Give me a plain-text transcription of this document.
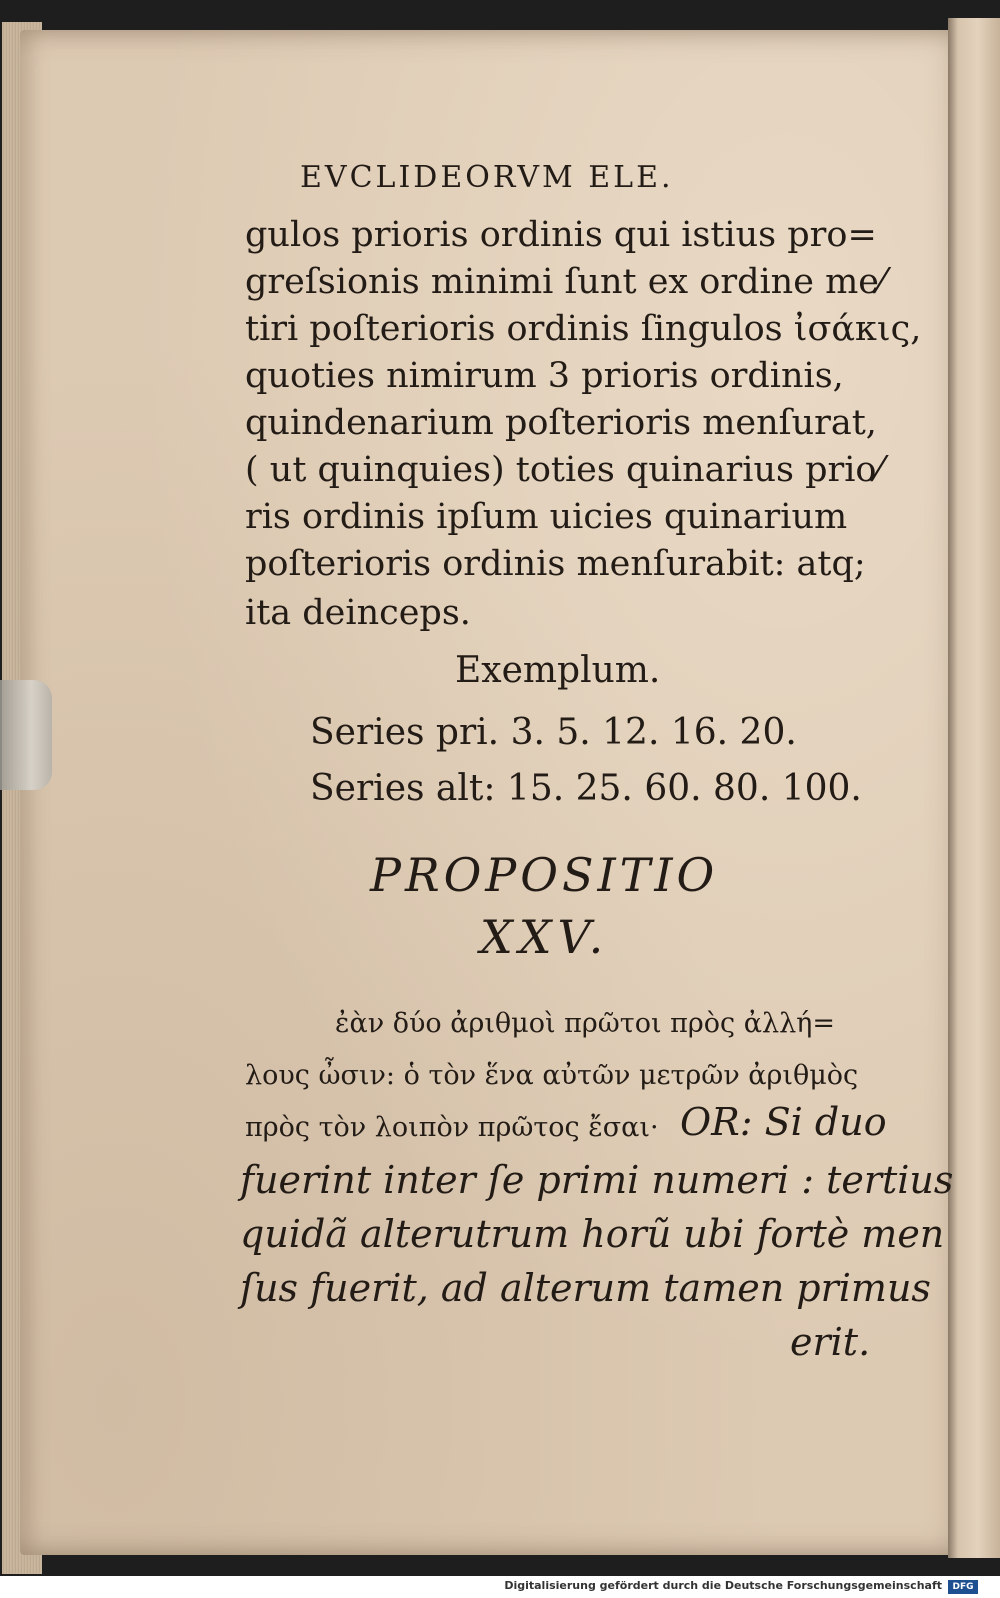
EVCLIDEORVM ELE.
gulos prioris ordinis qui istius pro=
greſsionis minimi ſunt ex ordine me⁄
tiri poſterioris ordinis ſingulos ἰσάκις,
quoties nimirum 3 prioris ordinis,
quindenarium poſterioris menſurat,
( ut quinquies) toties quinarius prio⁄
ris ordinis ipſum uicies quinarium
poſterioris ordinis menſurabit: atq;
ita deinceps.
Exemplum.
Series pri. 3. 5. 12. 16. 20.
Series alt: 15. 25. 60. 80. 100.
PROPOSITIO
XXV.
ἐὰν δύο ἀριθμοὶ πρῶτοι πρὸς ἀλλή=
λους ὦσιν: ὁ τὸν ἕνα αὐτῶν μετρῶν ἀριθμὸς
πρὸς τὸν λοιπὸν πρῶτος ἔσαι· OR: Si duo
fuerint inter ſe primi numeri : tertius
quidã alterutrum horũ ubi fortè men
ſus fuerit, ad alterum tamen primus
erit.
Digitalisierung gefördert durch die Deutsche Forschungsgemeinschaft	DFG
